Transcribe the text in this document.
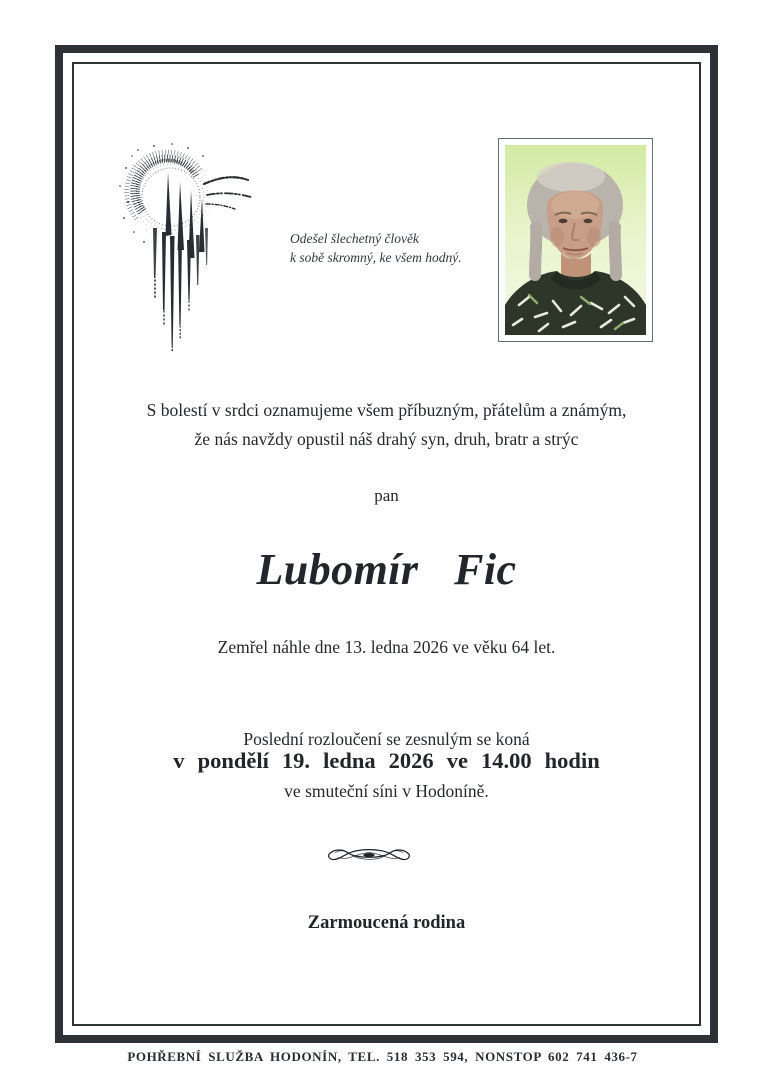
Odešel šlechetný člověk
k sobě skromný, ke všem hodný.
S bolestí v srdci oznamujeme všem příbuzným, přátelům a známým,
že nás navždy opustil náš drahý syn, druh, bratr a strýc
pan
Lubomír Fic
Zemřel náhle dne 13. ledna 2026 ve věku 64 let.
Poslední rozloučení se zesnulým se koná
v pondělí 19. ledna 2026 ve 14.00 hodin
ve smuteční síni v Hodoníně.
Zarmoucená rodina
POHŘEBNÍ SLUŽBA HODONÍN, TEL. 518 353 594, NONSTOP 602 741 436-7
